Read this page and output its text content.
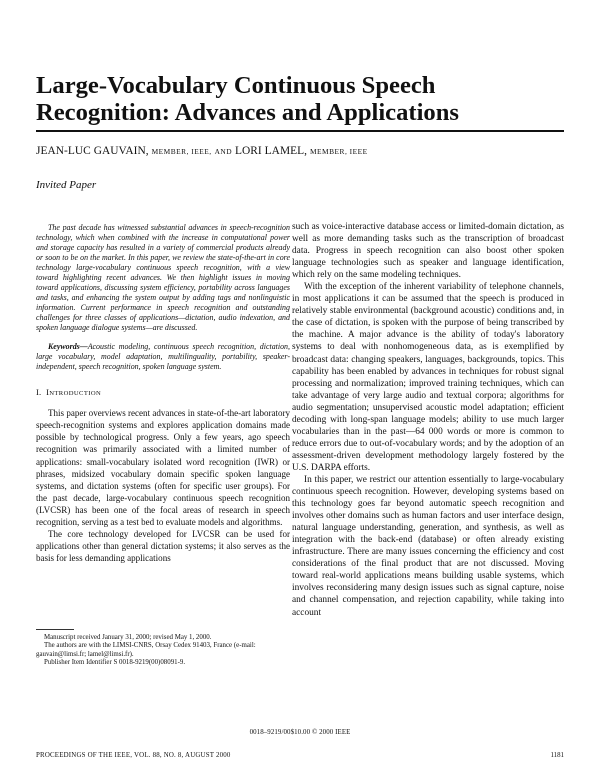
Large-Vocabulary Continuous Speech Recognition: Advances and Applications
JEAN-LUC GAUVAIN, MEMBER, IEEE, AND LORI LAMEL, MEMBER, IEEE
Invited Paper

The past decade has witnessed substantial advances in speech-recognition technology, which when combined with the increase in computational power and storage capacity has resulted in a variety of commercial products already or soon to be on the market. In this paper, we review the state-of-the-art in core technology large-vocabulary continuous speech recognition, with a view toward highlighting recent advances. We then highlight issues in moving toward applications, discussing system efficiency, portability across languages and tasks, and enhancing the system output by adding tags and nonlinguistic information. Current performance in speech recognition and outstanding challenges for three classes of applications—dictation, audio indexation, and spoken language dialogue systems—are discussed.

Keywords—Acoustic modeling, continuous speech recognition, dictation, large vocabulary, model adaptation, multilinguality, portability, speaker-independent, speech recognition, spoken language system.

I. INTRODUCTION

This paper overviews recent advances in state-of-the-art laboratory speech-recognition systems and explores application domains made possible by technological progress. Only a few years, ago speech recognition was primarily associated with a limited number of applications: small-vocabulary isolated word recognition (IWR) or phrases, midsized vocabulary domain specific spoken language systems, and dictation systems (often for specific user groups). For the past decade, large-vocabulary continuous speech recognition (LVCSR) has been one of the focal areas of research in speech recognition, serving as a test bed to evaluate models and algorithms.

The core technology developed for LVCSR can be used for applications other than general dictation systems; it also serves as the basis for less demanding applications

such as voice-interactive database access or limited-domain dictation, as well as more demanding tasks such as the transcription of broadcast data. Progress in speech recognition can also boost other spoken language technologies such as speaker and language identification, which rely on the same modeling techniques.

With the exception of the inherent variability of telephone channels, in most applications it can be assumed that the speech is produced in relatively stable environmental (background acoustic) conditions and, in the case of dictation, is spoken with the purpose of being transcribed by the machine. A major advance is the ability of today's laboratory systems to deal with nonhomogeneous data, as is exemplified by broadcast data: changing speakers, languages, backgrounds, topics. This capability has been enabled by advances in techniques for robust signal processing and normalization; improved training techniques, which can take advantage of very large audio and textual corpora; algorithms for audio segmentation; unsupervised acoustic model adaptation; efficient decoding with long-span language models; ability to use much larger vocabularies than in the past—64 000 words or more is common to reduce errors due to out-of-vocabulary words; and by the adoption of an assessment-driven development methodology largely fostered by the U.S. DARPA efforts.

In this paper, we restrict our attention essentially to large-vocabulary continuous speech recognition. However, developing systems based on this technology goes far beyond automatic speech recognition and involves other domains such as human factors and user interface design, natural language understanding, generation, and synthesis, as well as integration with the back-end (database) or often already existing infrastructure. There are many issues concerning the efficiency and cost considerations of the final product that are not discussed. Moving toward real-world applications means building usable systems, which involves reconsidering many design issues such as signal capture, noise and channel compensation, and rejection capability, while taking into account

Manuscript received January 31, 2000; revised May 1, 2000.

The authors are with the LIMSI-CNRS, Orsay Cedex 91403, France (e-mail: gauvain@limsi.fr; lamel@limsi.fr).

Publisher Item Identifier S 0018-9219(00)08091-9.

0018–9219/00$10.00 © 2000 IEEE
PROCEEDINGS OF THE IEEE, VOL. 88, NO. 8, AUGUST 2000	1181
